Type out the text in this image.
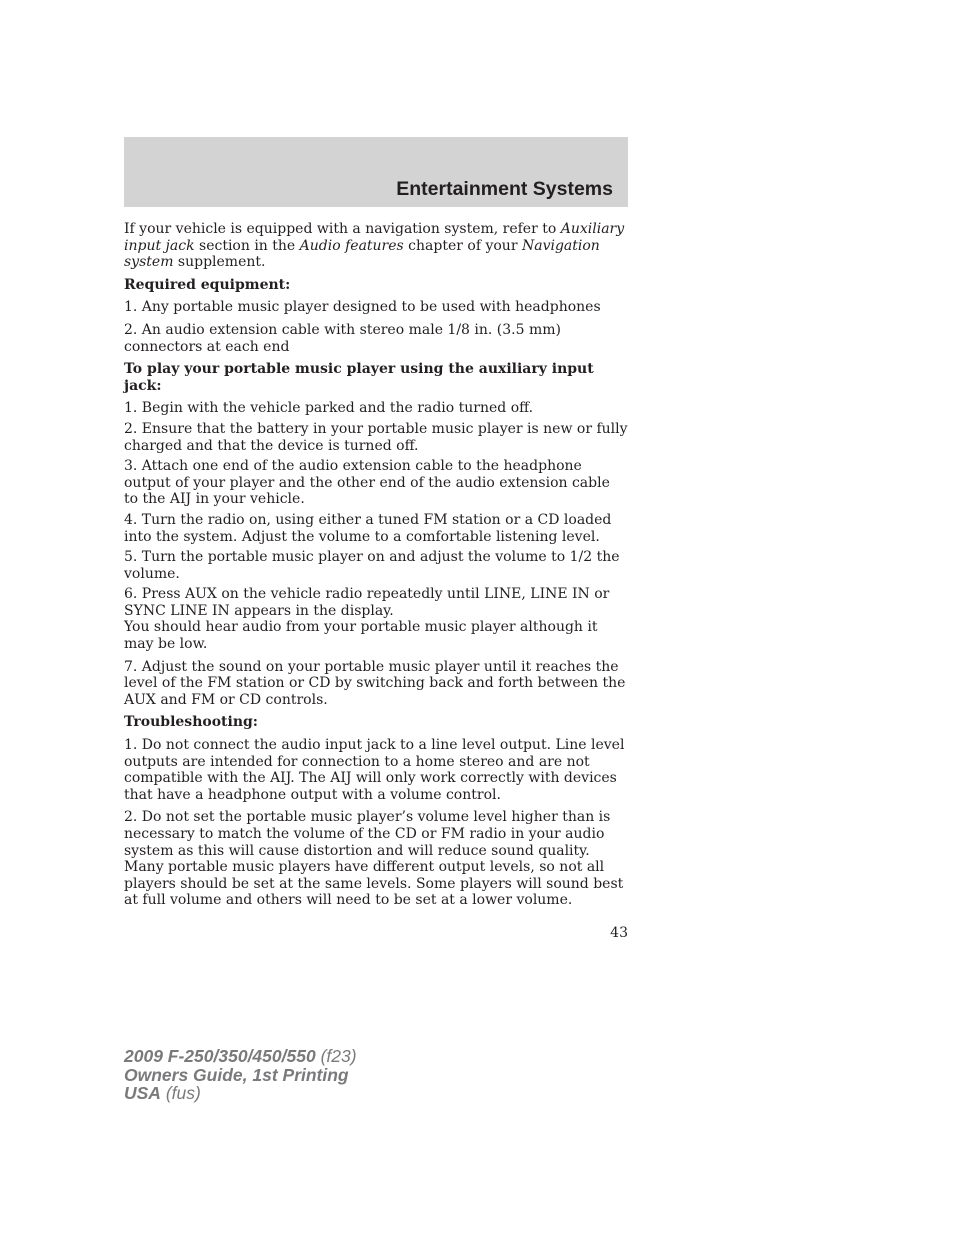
Entertainment Systems

If your vehicle is equipped with a navigation system, refer to Auxiliary input jack section in the Audio features chapter of your Navigation system supplement.

Required equipment:

1. Any portable music player designed to be used with headphones

2. An audio extension cable with stereo male 1/8 in. (3.5 mm) connectors at each end

To play your portable music player using the auxiliary input jack:

1. Begin with the vehicle parked and the radio turned off.

2. Ensure that the battery in your portable music player is new or fully charged and that the device is turned off.

3. Attach one end of the audio extension cable to the headphone output of your player and the other end of the audio extension cable to the AIJ in your vehicle.

4. Turn the radio on, using either a tuned FM station or a CD loaded into the system. Adjust the volume to a comfortable listening level.

5. Turn the portable music player on and adjust the volume to 1/2 the volume.

6. Press AUX on the vehicle radio repeatedly until LINE, LINE IN or SYNC LINE IN appears in the display.

You should hear audio from your portable music player although it may be low.

7. Adjust the sound on your portable music player until it reaches the level of the FM station or CD by switching back and forth between the AUX and FM or CD controls.

Troubleshooting:

1. Do not connect the audio input jack to a line level output. Line level outputs are intended for connection to a home stereo and are not compatible with the AIJ. The AIJ will only work correctly with devices that have a headphone output with a volume control.

2. Do not set the portable music player’s volume level higher than is necessary to match the volume of the CD or FM radio in your audio system as this will cause distortion and will reduce sound quality. Many portable music players have different output levels, so not all players should be set at the same levels. Some players will sound best at full volume and others will need to be set at a lower volume.

43
2009 F-250/350/450/550 (f23)
Owners Guide, 1st Printing
USA (fus)
